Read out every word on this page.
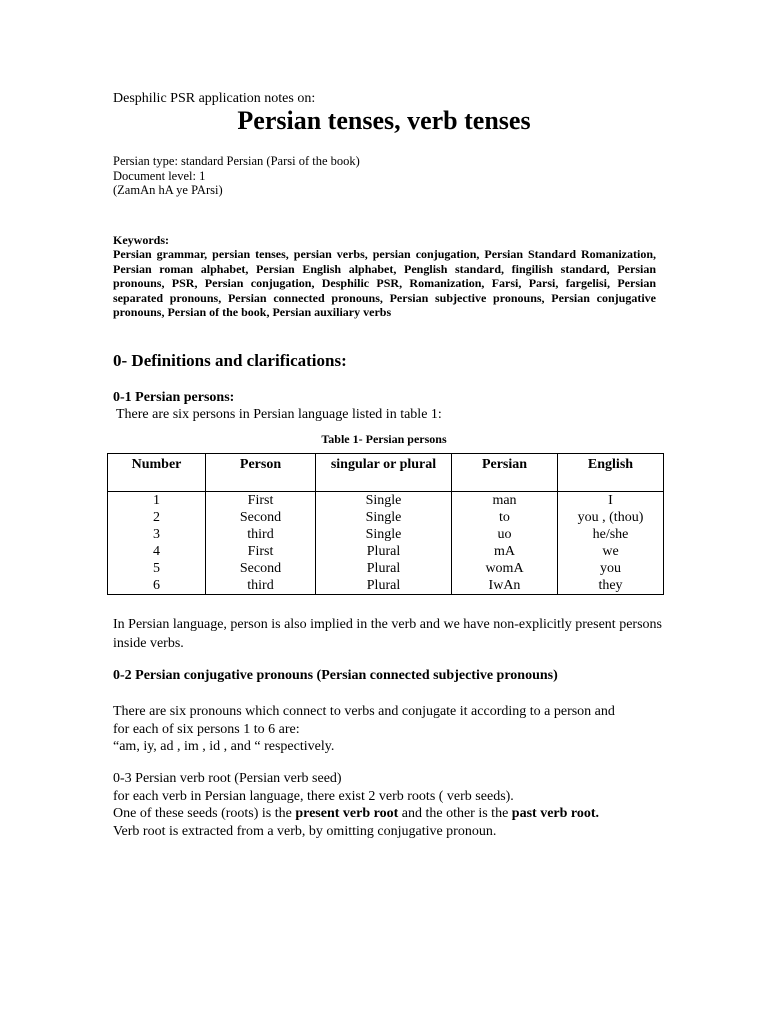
Desphilic PSR application notes on:
Persian tenses, verb tenses
Persian type: standard Persian (Parsi of the book)
Document level: 1
(ZamAn hA ye PArsi)
Keywords:
Persian grammar, persian tenses, persian verbs, persian conjugation, Persian Standard Romanization, Persian roman alphabet, Persian English alphabet, Penglish standard, fingilish standard, Persian pronouns, PSR, Persian conjugation, Desphilic PSR, Romanization, Farsi, Parsi, fargelisi, Persian separated pronouns, Persian connected pronouns, Persian subjective pronouns, Persian conjugative pronouns, Persian of the book, Persian auxiliary verbs
0- Definitions and clarifications:
0-1 Persian persons:
There are six persons in Persian language listed in table 1:
Table 1- Persian persons
Number	Person	singular or plural	Persian	English
1	First	Single	man	I
2	Second	Single	to	you , (thou)
3	third	Single	uo	he/she
4	First	Plural	mA	we
5	Second	Plural	womA	you
6	third	Plural	IwAn	they
In Persian language, person is also implied in the verb and we have non-explicitly present persons inside verbs.
0-2 Persian conjugative pronouns (Persian connected subjective pronouns)
There are six pronouns which connect to verbs and conjugate it according to a person and
for each of six persons 1 to 6 are:
“am, iy, ad , im , id , and “ respectively.
0-3 Persian verb root (Persian verb seed)
for each verb in Persian language, there exist 2 verb roots ( verb seeds).
One of these seeds (roots) is the present verb root and the other is the past verb root.
Verb root is extracted from a verb, by omitting conjugative pronoun.
